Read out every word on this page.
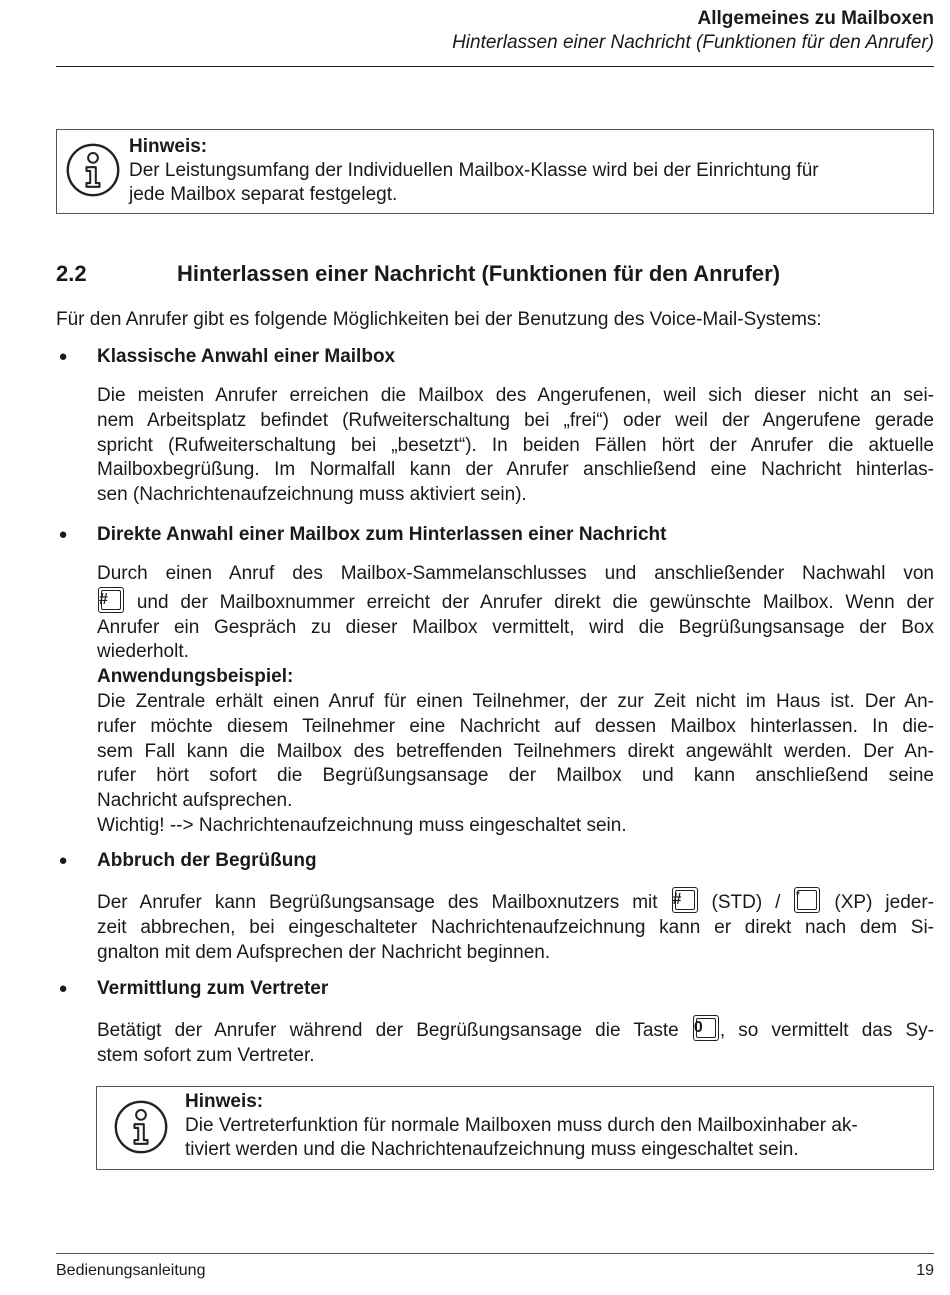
Allgemeines zu Mailboxen
Hinterlassen einer Nachricht (Funktionen für den Anrufer)
Hinweis:
Der Leistungsumfang der Individuellen Mailbox-Klasse wird bei der Einrichtung für
jede Mailbox separat festgelegt.
2.2	Hinterlassen einer Nachricht (Funktionen für den Anrufer)
Für den Anrufer gibt es folgende Möglichkeiten bei der Benutzung des Voice-Mail-Systems:
● Klassische Anwahl einer Mailbox
Die meisten Anrufer erreichen die Mailbox des Angerufenen, weil sich dieser nicht an sei-
nem Arbeitsplatz befindet (Rufweiterschaltung bei „frei“) oder weil der Angerufene gerade
spricht (Rufweiterschaltung bei „besetzt“). In beiden Fällen hört der Anrufer die aktuelle
Mailboxbegrüßung. Im Normalfall kann der Anrufer anschließend eine Nachricht hinterlas-
sen (Nachrichtenaufzeichnung muss aktiviert sein).
● Direkte Anwahl einer Mailbox zum Hinterlassen einer Nachricht
Durch einen Anruf des Mailbox-Sammelanschlusses und anschließender Nachwahl von
# und der Mailboxnummer erreicht der Anrufer direkt die gewünschte Mailbox. Wenn der
Anrufer ein Gespräch zu dieser Mailbox vermittelt, wird die Begrüßungsansage der Box
wiederholt.
Anwendungsbeispiel:
Die Zentrale erhält einen Anruf für einen Teilnehmer, der zur Zeit nicht im Haus ist. Der An-
rufer möchte diesem Teilnehmer eine Nachricht auf dessen Mailbox hinterlassen. In die-
sem Fall kann die Mailbox des betreffenden Teilnehmers direkt angewählt werden. Der An-
rufer hört sofort die Begrüßungsansage der Mailbox und kann anschließend seine
Nachricht aufsprechen.
Wichtig! --> Nachrichtenaufzeichnung muss eingeschaltet sein.
● Abbruch der Begrüßung
Der Anrufer kann Begrüßungsansage des Mailboxnutzers mit # (STD) / *	(XP) jeder-
zeit abbrechen, bei eingeschalteter Nachrichtenaufzeichnung kann er direkt nach dem Si-
gnalton mit dem Aufsprechen der Nachricht beginnen.
● Vermittlung zum Vertreter
Betätigt der Anrufer während der Begrüßungsansage die Taste 0 , so vermittelt das Sy-
stem sofort zum Vertreter.
Hinweis:
Die Vertreterfunktion für normale Mailboxen muss durch den Mailboxinhaber ak-
tiviert werden und die Nachrichtenaufzeichnung muss eingeschaltet sein.
Bedienungsanleitung	19
